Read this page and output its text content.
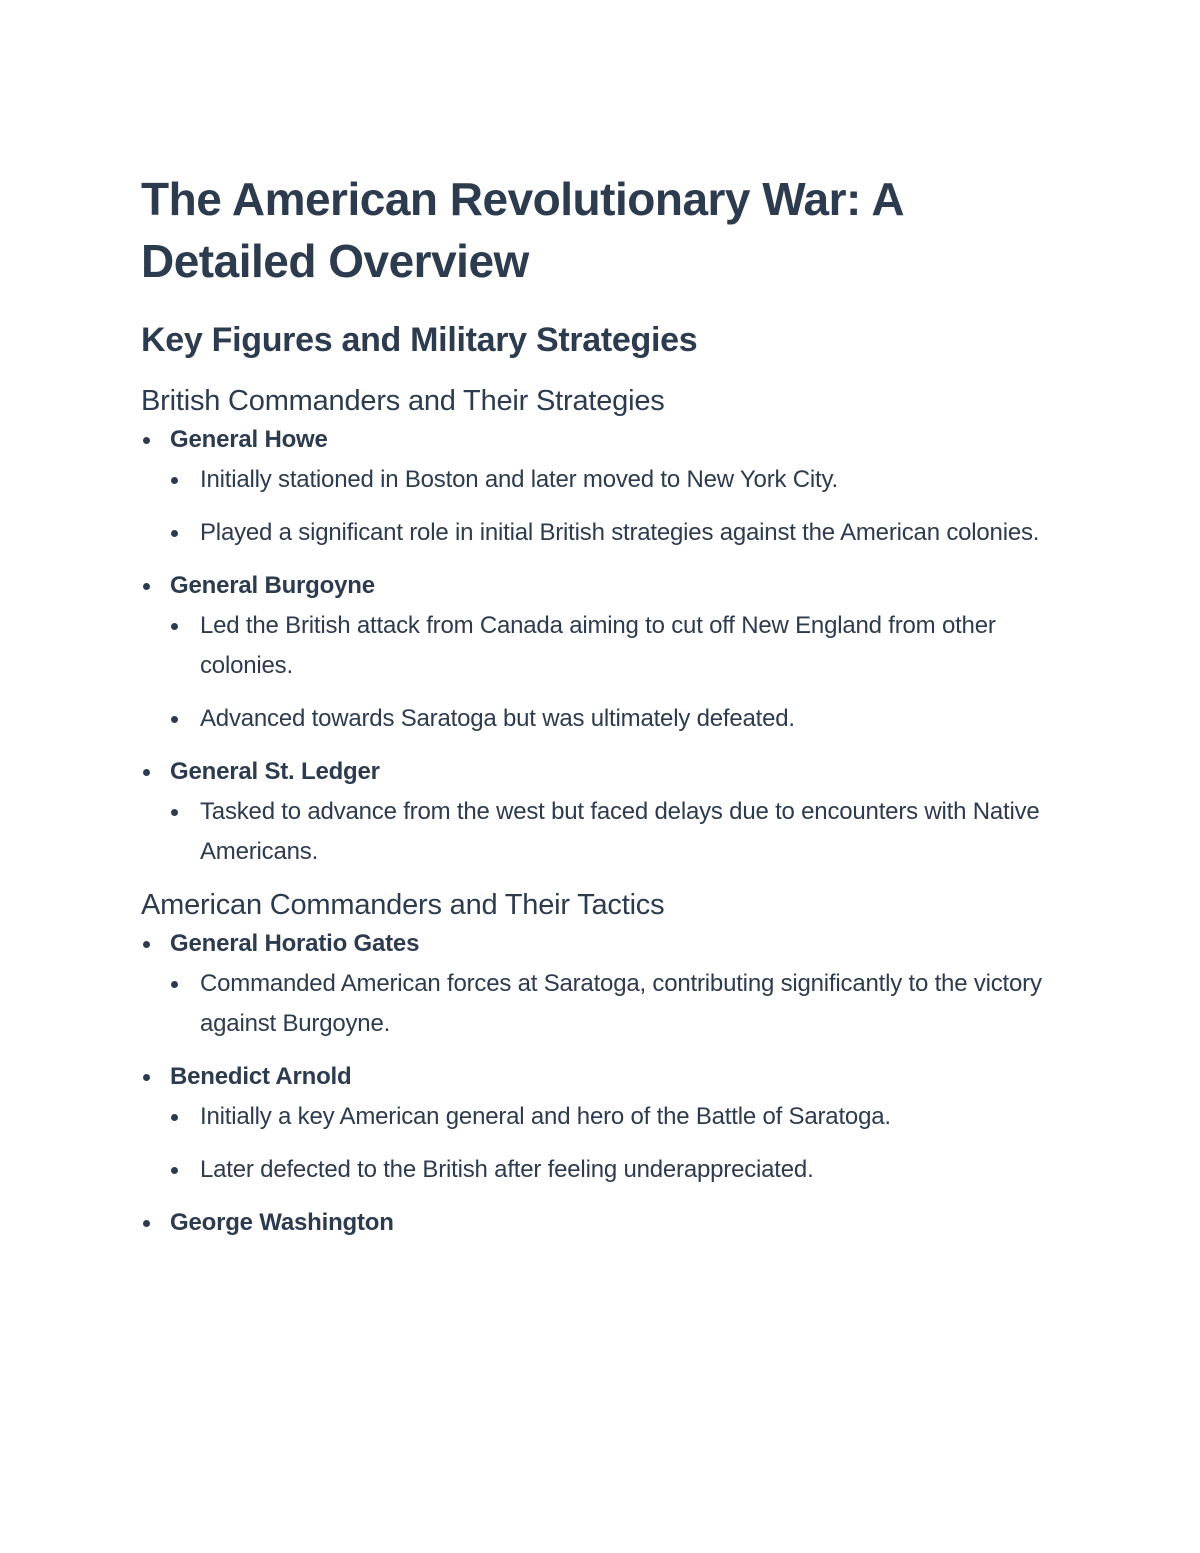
The American Revolutionary War: A Detailed Overview
Key Figures and Military Strategies
British Commanders and Their Strategies
General Howe
Initially stationed in Boston and later moved to New York City.
Played a significant role in initial British strategies against the American colonies.
General Burgoyne
Led the British attack from Canada aiming to cut off New England from other colonies.
Advanced towards Saratoga but was ultimately defeated.
General St. Ledger
Tasked to advance from the west but faced delays due to encounters with Native Americans.
American Commanders and Their Tactics
General Horatio Gates
Commanded American forces at Saratoga, contributing significantly to the victory against Burgoyne.
Benedict Arnold
Initially a key American general and hero of the Battle of Saratoga.
Later defected to the British after feeling underappreciated.
George Washington
